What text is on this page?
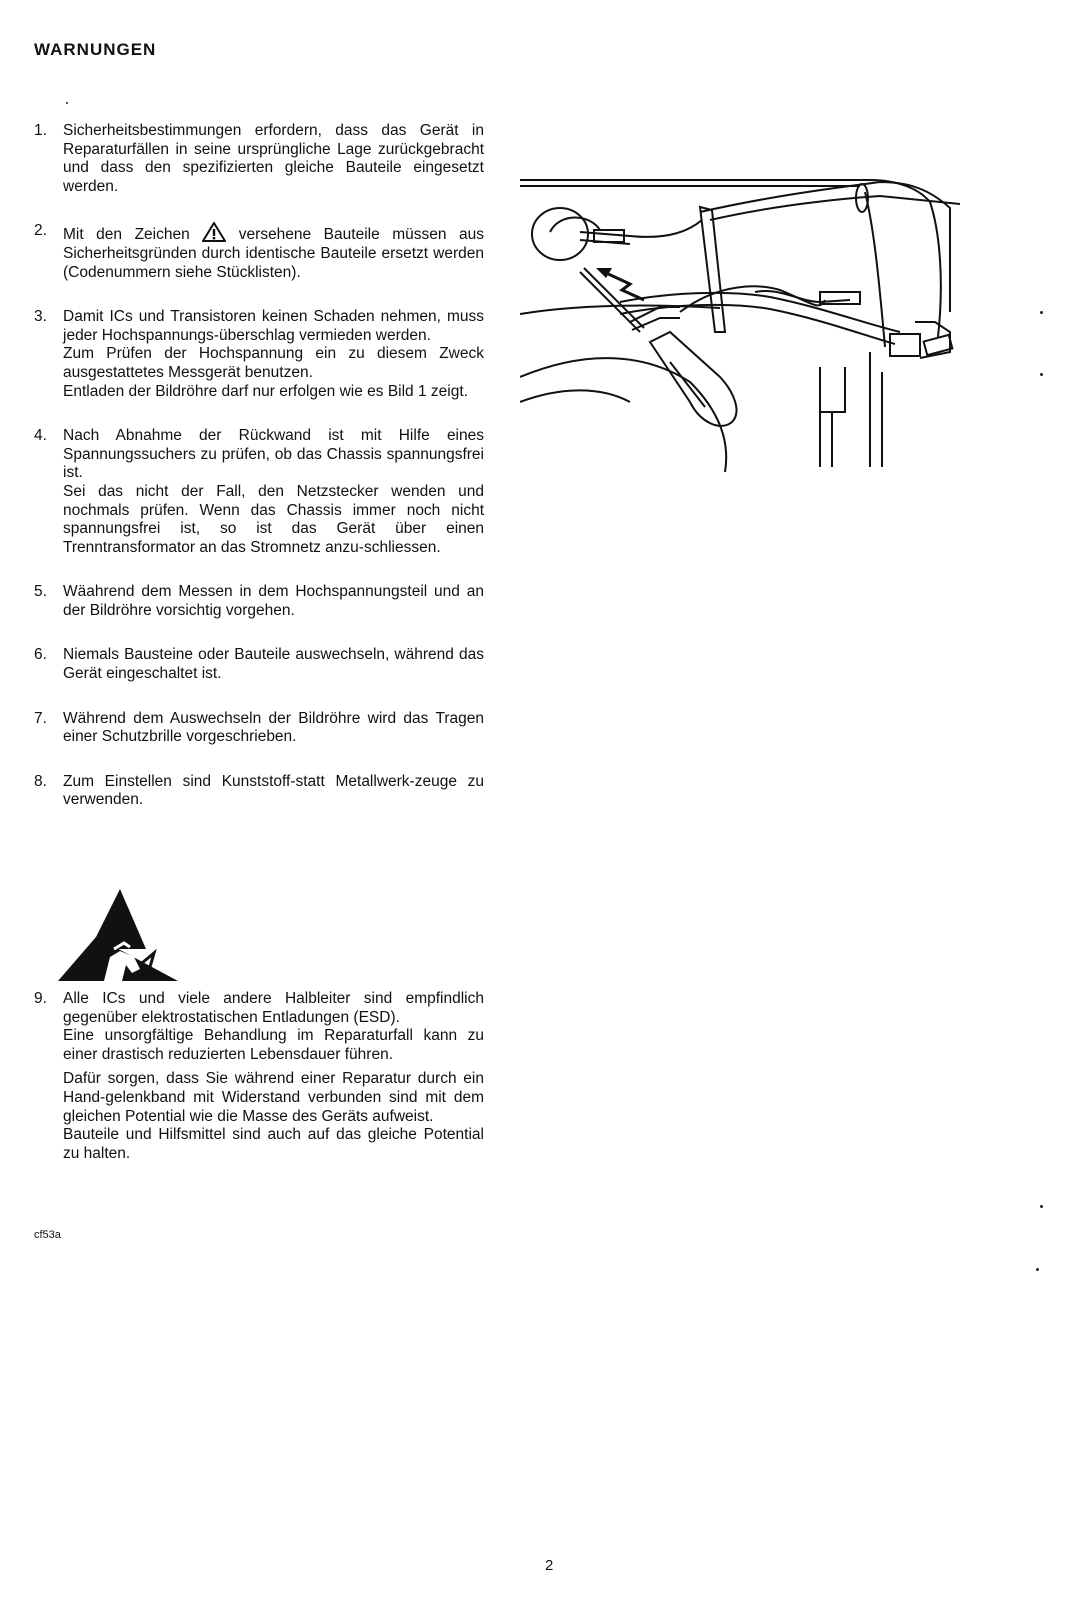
WARNUNGEN
1. Sicherheitsbestimmungen erfordern, dass das Gerät in Reparaturfällen in seine ursprüngliche Lage zurückgebracht und dass den spezifizierten gleiche Bauteile eingesetzt werden.

2. Mit den Zeichen	versehene Bauteile müssen aus Sicherheitsgründen durch identische Bauteile ersetzt werden (Codenummern siehe Stücklisten).

3. Damit ICs und Transistoren keinen Schaden nehmen, muss jeder Hochspannungs-überschlag vermieden werden.

Zum Prüfen der Hochspannung ein zu diesem Zweck ausgestattetes Messgerät benutzen.

Entladen der Bildröhre darf nur erfolgen wie es Bild 1 zeigt.

4. Nach Abnahme der Rückwand ist mit Hilfe eines Spannungssuchers zu prüfen, ob das Chassis spannungsfrei ist.

Sei das nicht der Fall, den Netzstecker wenden und nochmals prüfen. Wenn das Chassis immer noch nicht spannungsfrei ist, so ist das Gerät über einen Trenntransformator an das Stromnetz anzu-schliessen.

5. Wäahrend dem Messen in dem Hochspannungsteil und an der Bildröhre vorsichtig vorgehen.

6. Niemals Bausteine oder Bauteile auswechseln, während das Gerät eingeschaltet ist.

7. Während dem Auswechseln der Bildröhre wird das Tragen einer Schutzbrille vorgeschrieben.

8. Zum Einstellen sind Kunststoff-statt Metallwerk-zeuge zu verwenden.

9. Alle ICs und viele andere Halbleiter sind empfindlich gegenüber elektrostatischen Entladungen (ESD).

Eine unsorgfältige Behandlung im Reparaturfall kann zu einer drastisch reduzierten Lebensdauer führen.

Dafür sorgen, dass Sie während einer Reparatur durch ein Hand-gelenkband mit Widerstand verbunden sind mit dem gleichen Potential wie die Masse des Geräts aufweist.

Bauteile und Hilfsmittel sind auch auf das gleiche Potential zu halten.

cf53a
2
